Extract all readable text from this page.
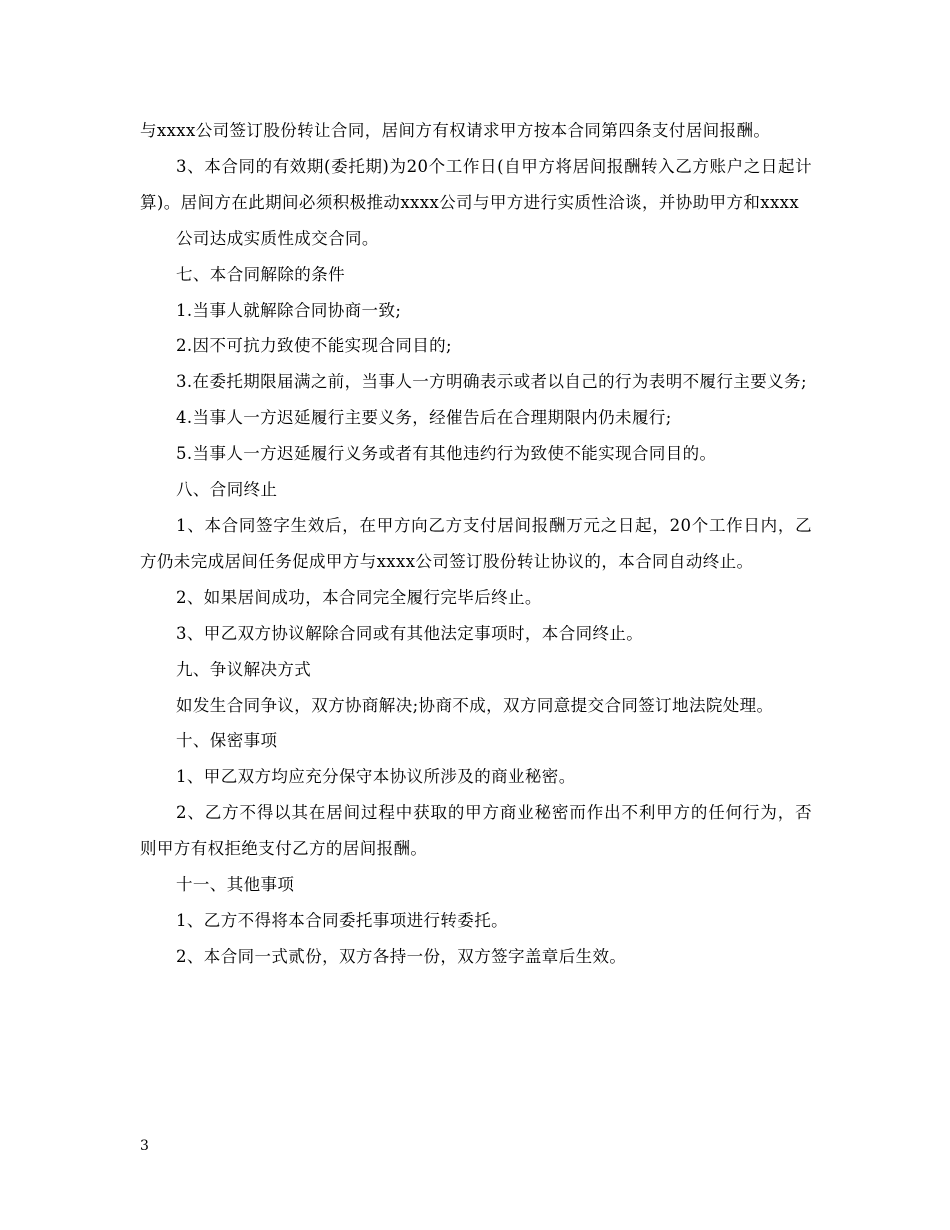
与xxxx公司签订股份转让合同，居间方有权请求甲方按本合同第四条支付居间报酬。

3、本合同的有效期(委托期)为20个工作日(自甲方将居间报酬转入乙方账户之日起计算)。居间方在此期间必须积极推动xxxx公司与甲方进行实质性洽谈，并协助甲方和xxxx

公司达成实质性成交合同。

七、本合同解除的条件

1.当事人就解除合同协商一致;

2.因不可抗力致使不能实现合同目的;

3.在委托期限届满之前，当事人一方明确表示或者以自己的行为表明不履行主要义务;

4.当事人一方迟延履行主要义务，经催告后在合理期限内仍未履行;

5.当事人一方迟延履行义务或者有其他违约行为致使不能实现合同目的。

八、合同终止

1、本合同签字生效后，在甲方向乙方支付居间报酬万元之日起，20个工作日内，乙方仍未完成居间任务促成甲方与xxxx公司签订股份转让协议的，本合同自动终止。

2、如果居间成功，本合同完全履行完毕后终止。

3、甲乙双方协议解除合同或有其他法定事项时，本合同终止。

九、争议解决方式

如发生合同争议，双方协商解决;协商不成，双方同意提交合同签订地法院处理。

十、保密事项

1、甲乙双方均应充分保守本协议所涉及的商业秘密。

2、乙方不得以其在居间过程中获取的甲方商业秘密而作出不利甲方的任何行为，否则甲方有权拒绝支付乙方的居间报酬。

十一、其他事项

1、乙方不得将本合同委托事项进行转委托。

2、本合同一式贰份，双方各持一份，双方签字盖章后生效。

3
